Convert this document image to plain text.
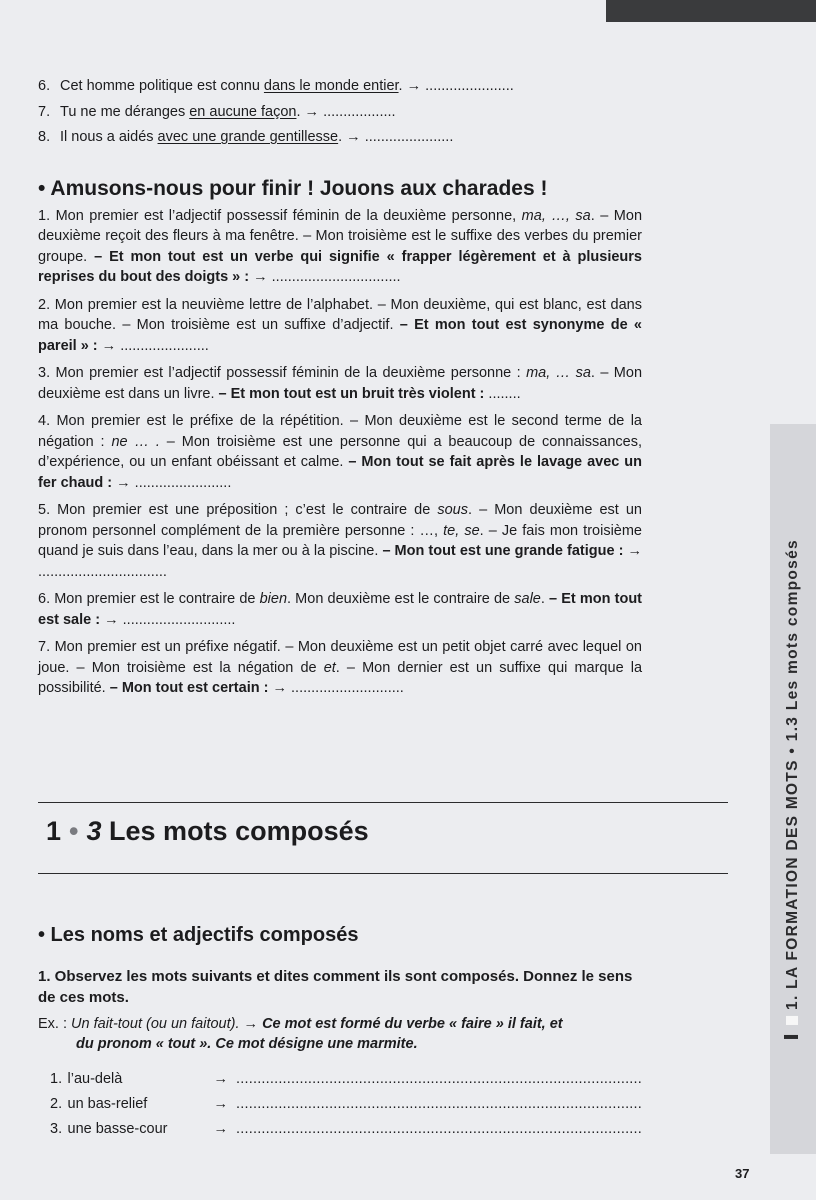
6. Cet homme politique est connu dans le monde entier. → ......................
7. Tu ne me déranges en aucune façon. → ..................
8. Il nous a aidés avec une grande gentillesse. → ......................
• Amusons-nous pour finir ! Jouons aux charades !

1. Mon premier est l’adjectif possessif féminin de la deuxième personne, ma, …, sa. – Mon deuxième reçoit des fleurs à ma fenêtre. – Mon troisième est le suffixe des verbes du premier groupe. – Et mon tout est un verbe qui signifie « frapper légèrement et à plusieurs reprises du bout des doigts » : → ................................

2. Mon premier est la neuvième lettre de l’alphabet. – Mon deuxième, qui est blanc, est dans ma bouche. – Mon troisième est un suffixe d’adjectif. – Et mon tout est synonyme de « pareil » : → ......................

3. Mon premier est l’adjectif possessif féminin de la deuxième personne : ma, … sa. – Mon deuxième est dans un livre. – Et mon tout est un bruit très violent : ........

4. Mon premier est le préfixe de la répétition. – Mon deuxième est le second terme de la négation : ne … . – Mon troisième est une personne qui a beaucoup de connaissances, d’expérience, ou un enfant obéissant et calme. – Mon tout se fait après le lavage avec un fer chaud : → ........................

5. Mon premier est une préposition ; c’est le contraire de sous. – Mon deuxième est un pronom personnel complément de la première personne : …, te, se. – Je fais mon troisième quand je suis dans l’eau, dans la mer ou à la piscine. – Mon tout est une grande fatigue : → ................................

6. Mon premier est le contraire de bien. Mon deuxième est le contraire de sale. – Et mon tout est sale : → ............................

7. Mon premier est un préfixe négatif. – Mon deuxième est un petit objet carré avec lequel on joue. – Mon troisième est la négation de et. – Mon dernier est un suffixe qui marque la possibilité. – Mon tout est certain : → ............................

1 • 3 Les mots composés
• Les noms et adjectifs composés
1. Observez les mots suivants et dites comment ils sont composés. Donnez le sens de ces mots.
Ex. : Un fait-tout (ou un faitout). → Ce mot est formé du verbe « faire » il fait, et
du pronom « tout ». Ce mot désigne une marmite.
1. l’au-delà	→ ................................................................................................
2. un bas-relief	→ ................................................................................................
3. une basse-cour	→ ................................................................................................
1. LA FORMATION DES MOTS • 1.3 Les mots composés
37
